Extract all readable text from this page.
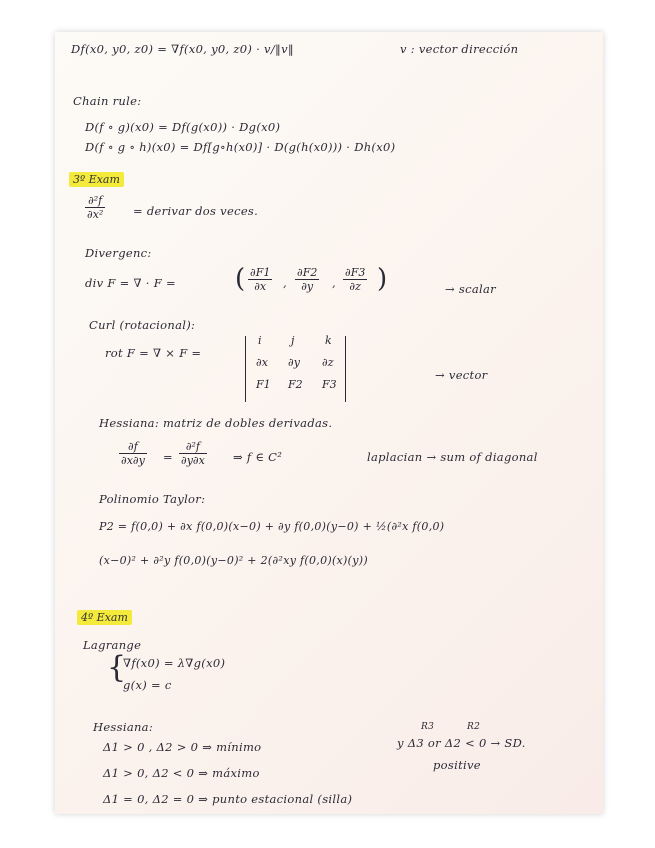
Df(x0, y0, z0) = ∇f(x0, y0, z0) · v/‖v‖	v : vector dirección
Chain rule:
D(f ∘ g)(x0) = Df(g(x0)) · Dg(x0)
D(f ∘ g ∘ h)(x0) = Df[g∘h(x0)] · D(g(h(x0))) · Dh(x0)
3º Exam
$\frac{\text{∂²f}}{\text{∂x²}}$ = derivar dos veces.
Divergenc:
div F = ∇ · F = ( $\frac{\partial F1}{\partial x}$ , $\frac{\partial F2}{\partial y}$ , $\frac{\partial F3}{\partial z}$ )	→ scalar
Curl (rotacional):
rot F = ∇ × F =
i	j	k
∂x ∂y ∂z
F1 F2 F3
→ vector
Hessiana: matriz de dobles derivadas.
$\frac{\partial f}{\partial x\partial y} = \frac{\text{∂²f}}{\partial y\partial x}$ ⇒ f ∈ C²	laplacian → sum of diagonal
Polinomio Taylor:
P2 = f(0,0) + ∂x f(0,0)(x−0) + ∂y f(0,0)(y−0) + ½(∂²x f(0,0)
(x−0)² + ∂²y f(0,0)(y−0)² + 2(∂²xy f(0,0)(x)(y))
4º Exam
Lagrange
{
∇f(x0) = λ∇g(x0)
g(x) = c
Hessiana:
Δ1 > 0 , Δ2 > 0 ⇒ mínimo
Δ1 > 0, Δ2 < 0 ⇒ máximo
Δ1 = 0, Δ2 = 0 ⇒ punto estacional (silla)
R3	R2
y Δ3 or Δ2 < 0 → SD.
positive
